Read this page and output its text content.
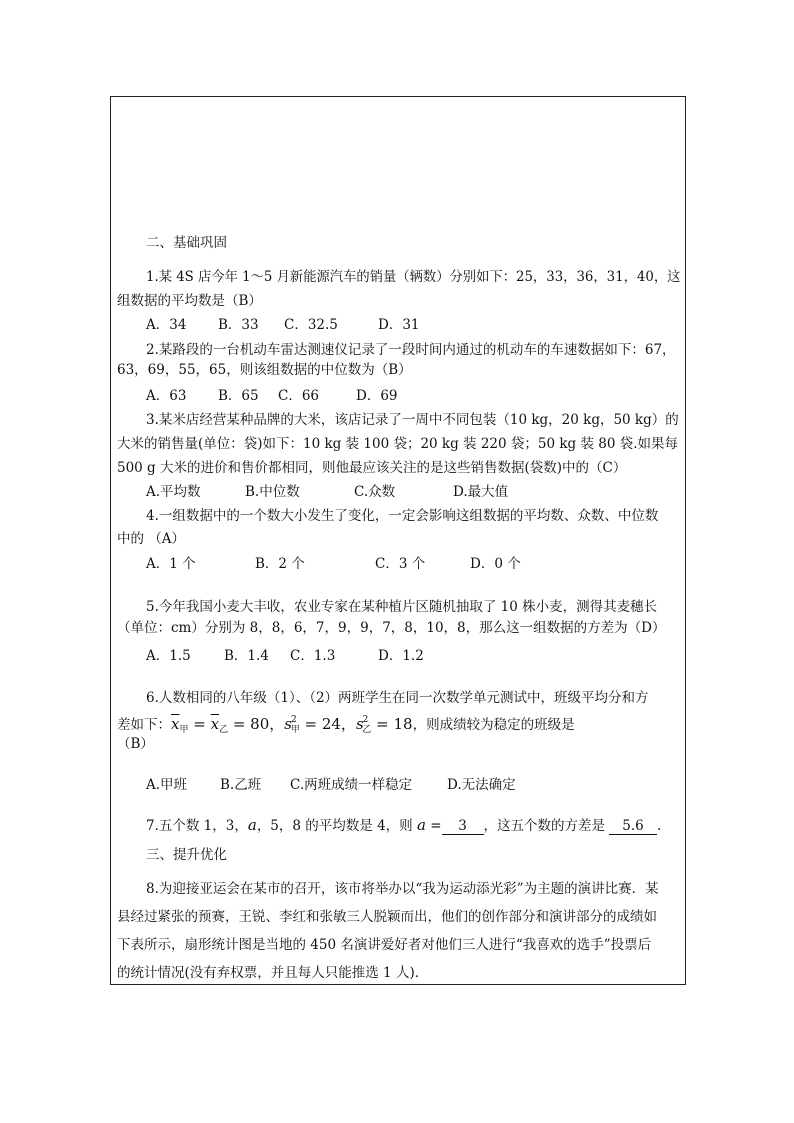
二、基础巩固
1.某 4S 店今年 1～5 月新能源汽车的销量（辆数）分别如下：25，33，36，31，40，这
组数据的平均数是（B）
A．34 B．33 C．32.5	D．31
2.某路段的一台机动车雷达测速仪记录了一段时间内通过的机动车的车速数据如下：67，
63，69，55，65，则该组数据的中位数为（B）
A．63 B．65 C．66	D．69
3.某米店经营某种品牌的大米，该店记录了一周中不同包装（10 kg，20 kg，50 kg）的
大米的销售量(单位：袋)如下：10 kg 装 100 袋；20 kg 装 220 袋；50 kg 装 80 袋.如果每
500 g 大米的进价和售价都相同，则他最应该关注的是这些销售数据(袋数)中的（C）
A.平均数	B.中位数	C.众数	D.最大值
4.一组数据中的一个数大小发生了变化，一定会影响这组数据的平均数、众数、中位数
中的 （A）
A．1 个	B．2 个	C．3 个	D．0 个
5.今年我国小麦大丰收，农业专家在某种植片区随机抽取了 10 株小麦，测得其麦穗长
（单位：cm）分别为 8，8，6，7，9，9，7，8，10，8，那么这一组数据的方差为（D）
A．1.5 B．1.4 C．1.3	D．1.2
6.人数相同的八年级（1）、（2）两班学生在同一次数学单元测试中，班级平均分和方
差如下：$\overline{x}_甲 = \overline{x}_乙 = 80$，$s^2_甲 = 24$，$s^2_乙 = 18$，则成绩较为稳定的班级是
（B）
A.甲班 B.乙班 C.两班成绩一样稳定	D.无法确定
7.五个数 1，3，a，5，8 的平均数是 4，则 a = 3 ，这五个数的方差是 5.6 .
三、提升优化
8.为迎接亚运会在某市的召开，该市将举办以“我为运动添光彩”为主题的演讲比赛．某
县经过紧张的预赛，王锐、李红和张敏三人脱颖而出，他们的创作部分和演讲部分的成绩如
下表所示，扇形统计图是当地的 450 名演讲爱好者对他们三人进行“我喜欢的选手”投票后
的统计情况(没有弃权票，并且每人只能推选 1 人)．
